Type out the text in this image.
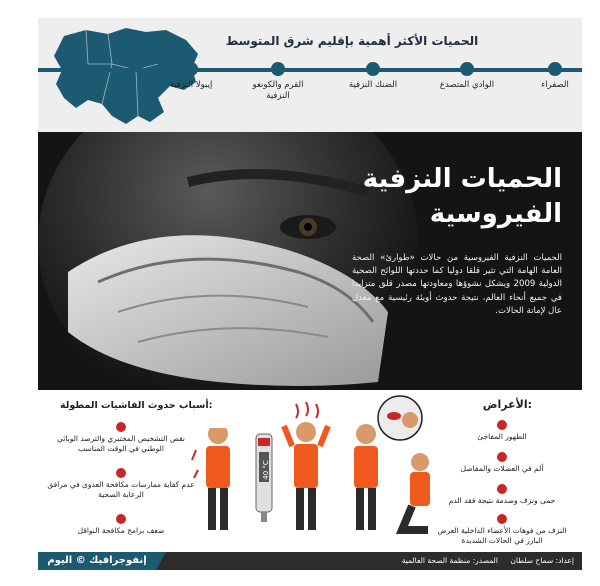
الحميات الأكثر أهمية بإقليم شرق المتوسط
الصفراء
الوادي المتصدع
الضنك النزفية
القرم والكونغو النزفية
إيبولا النزفية
الحميات النزفية
الفيروسية
الحميات النزفية الفيروسية من حالات «طوارئ» الصحة العامة الهامة التي تثير قلقا دوليا كما حددتها اللوائح الصحية الدولية 2009 ويشكل نشوؤها ومعاودتها مصدر قلق متزايدا في جميع أنحاء العالم، نتيجة حدوث أوبئة رئيسية مع معدل عال لإماتة الحالات.
الأعراض:
الظهور المفاجئ
ألم في العضلات والمفاصل
حمى ونزف وصدمة نتيجة فقد الدم
النزف من فوهات الأعضاء الداخلية العرض البارز في الحالات الشديدة
أسباب حدوث الفاشيات المطولة:
نقص التشخيص المختبري والترصد الوبائي الوطني في الوقت المناسب
عدم كفاية ممارسات مكافحة العدوى في مرافق الرعاية الصحية
ضعف برامج مكافحة النواقل
40 °C
إنفوجرافيك © اليوم	إعداد: سماح سلطان المصدر: منظمة الصحة العالمية
